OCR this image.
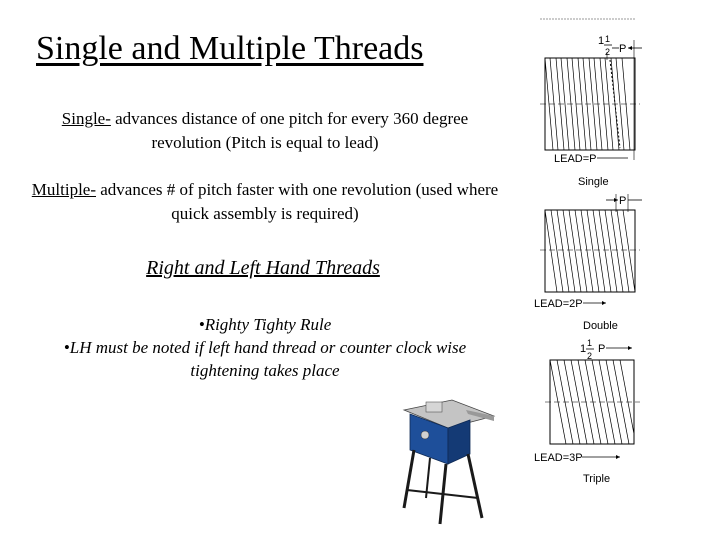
Single and Multiple Threads
Single- advances distance of one pitch for every 360 degree revolution (Pitch is equal to lead)
Multiple- advances # of pitch faster with one revolution (used where quick assembly is required)
Right and Left Hand Threads
•Righty Tighty Rule
•LH must be noted if left hand thread or counter clock wise tightening takes place
1 1
2 P
LEAD=P
Single
P
LEAD=2P
Double
1 1
2
P
LEAD=3P
Triple
